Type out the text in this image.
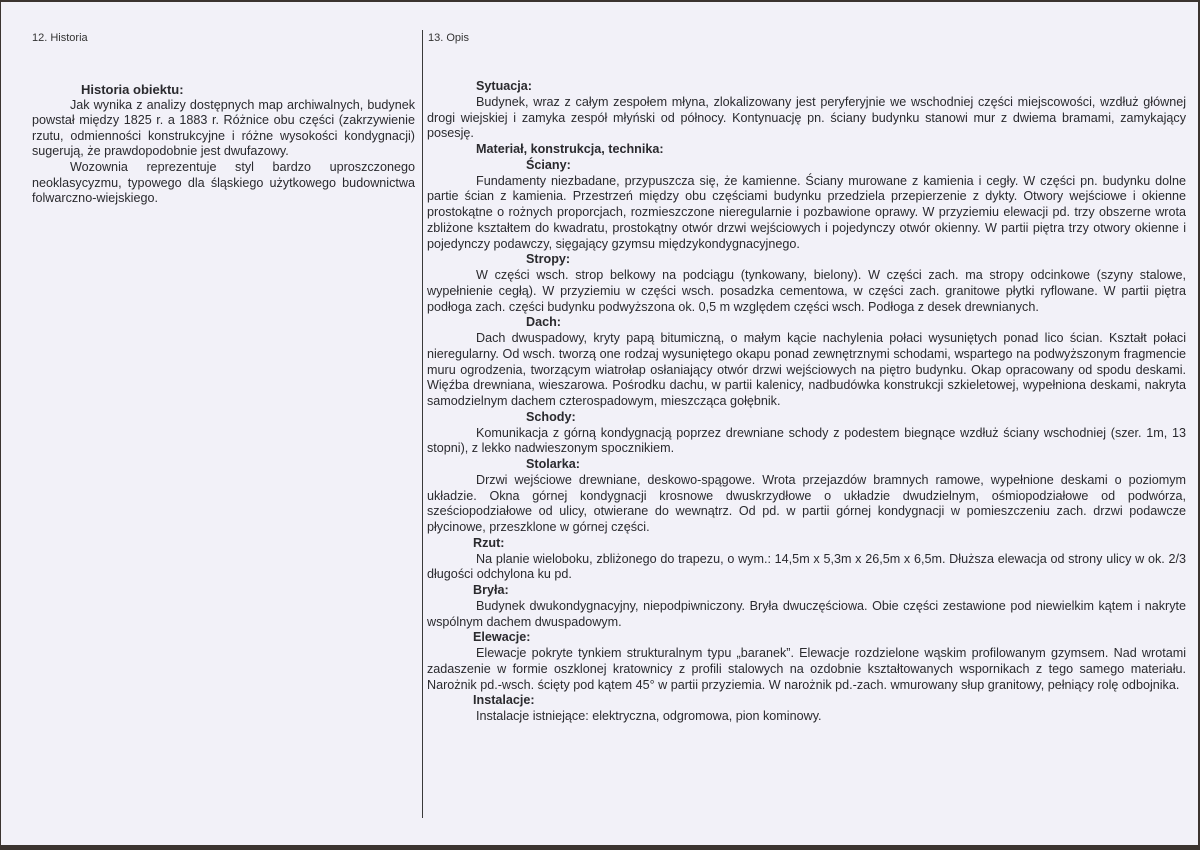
12. Historia	13. Opis
Historia obiektu:

Jak wynika z analizy dostępnych map archiwalnych, budynek powstał między 1825 r. a 1883 r. Różnice obu części (zakrzywienie rzutu, odmienności konstrukcyjne i różne wysokości kondygnacji) sugerują, że prawdopodobnie jest dwufazowy.

Wozownia reprezentuje styl bardzo uproszczonego neoklasycyzmu, typowego dla śląskiego użytkowego budownictwa folwarczno-wiejskiego.

Sytuacja:

Budynek, wraz z całym zespołem młyna, zlokalizowany jest peryferyjnie we wschodniej części miejscowości, wzdłuż głównej drogi wiejskiej i zamyka zespół młyński od północy. Kontynuację pn. ściany budynku stanowi mur z dwiema bramami, zamykający posesję.

Materiał, konstrukcja, technika:
Ściany:

Fundamenty niezbadane, przypuszcza się, że kamienne. Ściany murowane z kamienia i cegły. W części pn. budynku dolne partie ścian z kamienia. Przestrzeń między obu częściami budynku przedziela przepierzenie z dykty. Otwory wejściowe i okienne prostokątne o rożnych proporcjach, rozmieszczone nieregularnie i pozbawione oprawy. W przyziemiu elewacji pd. trzy obszerne wrota zbliżone kształtem do kwadratu, prostokątny otwór drzwi wejściowych i pojedynczy otwór okienny. W partii piętra trzy otwory okienne i pojedynczy podawczy, sięgający gzymsu międzykondygnacyjnego.

Stropy:

W części wsch. strop belkowy na podciągu (tynkowany, bielony). W części zach. ma stropy odcinkowe (szyny stalowe, wypełnienie cegłą). W przyziemiu w części wsch. posadzka cementowa, w części zach. granitowe płytki ryflowane. W partii piętra podłoga zach. części budynku podwyższona ok. 0,5 m względem części wsch. Podłoga z desek drewnianych.

Dach:

Dach dwuspadowy, kryty papą bitumiczną, o małym kącie nachylenia połaci wysuniętych ponad lico ścian. Kształt połaci nieregularny. Od wsch. tworzą one rodzaj wysuniętego okapu ponad zewnętrznymi schodami, wspartego na podwyższonym fragmencie muru ogrodzenia, tworzącym wiatrołap osłaniający otwór drzwi wejściowych na piętro budynku. Okap opracowany od spodu deskami. Więźba drewniana, wieszarowa. Pośrodku dachu, w partii kalenicy, nadbudówka konstrukcji szkieletowej, wypełniona deskami, nakryta samodzielnym dachem czterospadowym, mieszcząca gołębnik.

Schody:

Komunikacja z górną kondygnacją poprzez drewniane schody z podestem biegnące wzdłuż ściany wschodniej (szer. 1m, 13 stopni), z lekko nadwieszonym spocznikiem.

Stolarka:

Drzwi wejściowe drewniane, deskowo-spągowe. Wrota przejazdów bramnych ramowe, wypełnione deskami o poziomym układzie. Okna górnej kondygnacji krosnowe dwuskrzydłowe o układzie dwudzielnym, ośmiopodziałowe od podwórza, sześciopodziałowe od ulicy, otwierane do wewnątrz. Od pd. w partii górnej kondygnacji w pomieszczeniu zach. drzwi podawcze płycinowe, przeszklone w górnej części.

Rzut:

Na planie wieloboku, zbliżonego do trapezu, o wym.: 14,5m x 5,3m x 26,5m x 6,5m. Dłuższa elewacja od strony ulicy w ok. 2/3 długości odchylona ku pd.

Bryła:

Budynek dwukondygnacyjny, niepodpiwniczony. Bryła dwuczęściowa. Obie części zestawione pod niewielkim kątem i nakryte wspólnym dachem dwuspadowym.

Elewacje:

Elewacje pokryte tynkiem strukturalnym typu „baranek”. Elewacje rozdzielone wąskim profilowanym gzymsem. Nad wrotami zadaszenie w formie oszklonej kratownicy z profili stalowych na ozdobnie kształtowanych wspornikach z tego samego materiału. Narożnik pd.-wsch. ścięty pod kątem 45° w partii przyziemia. W narożnik pd.-zach. wmurowany słup granitowy, pełniący rolę odbojnika.

Instalacje:

Instalacje istniejące: elektryczna, odgromowa, pion kominowy.
